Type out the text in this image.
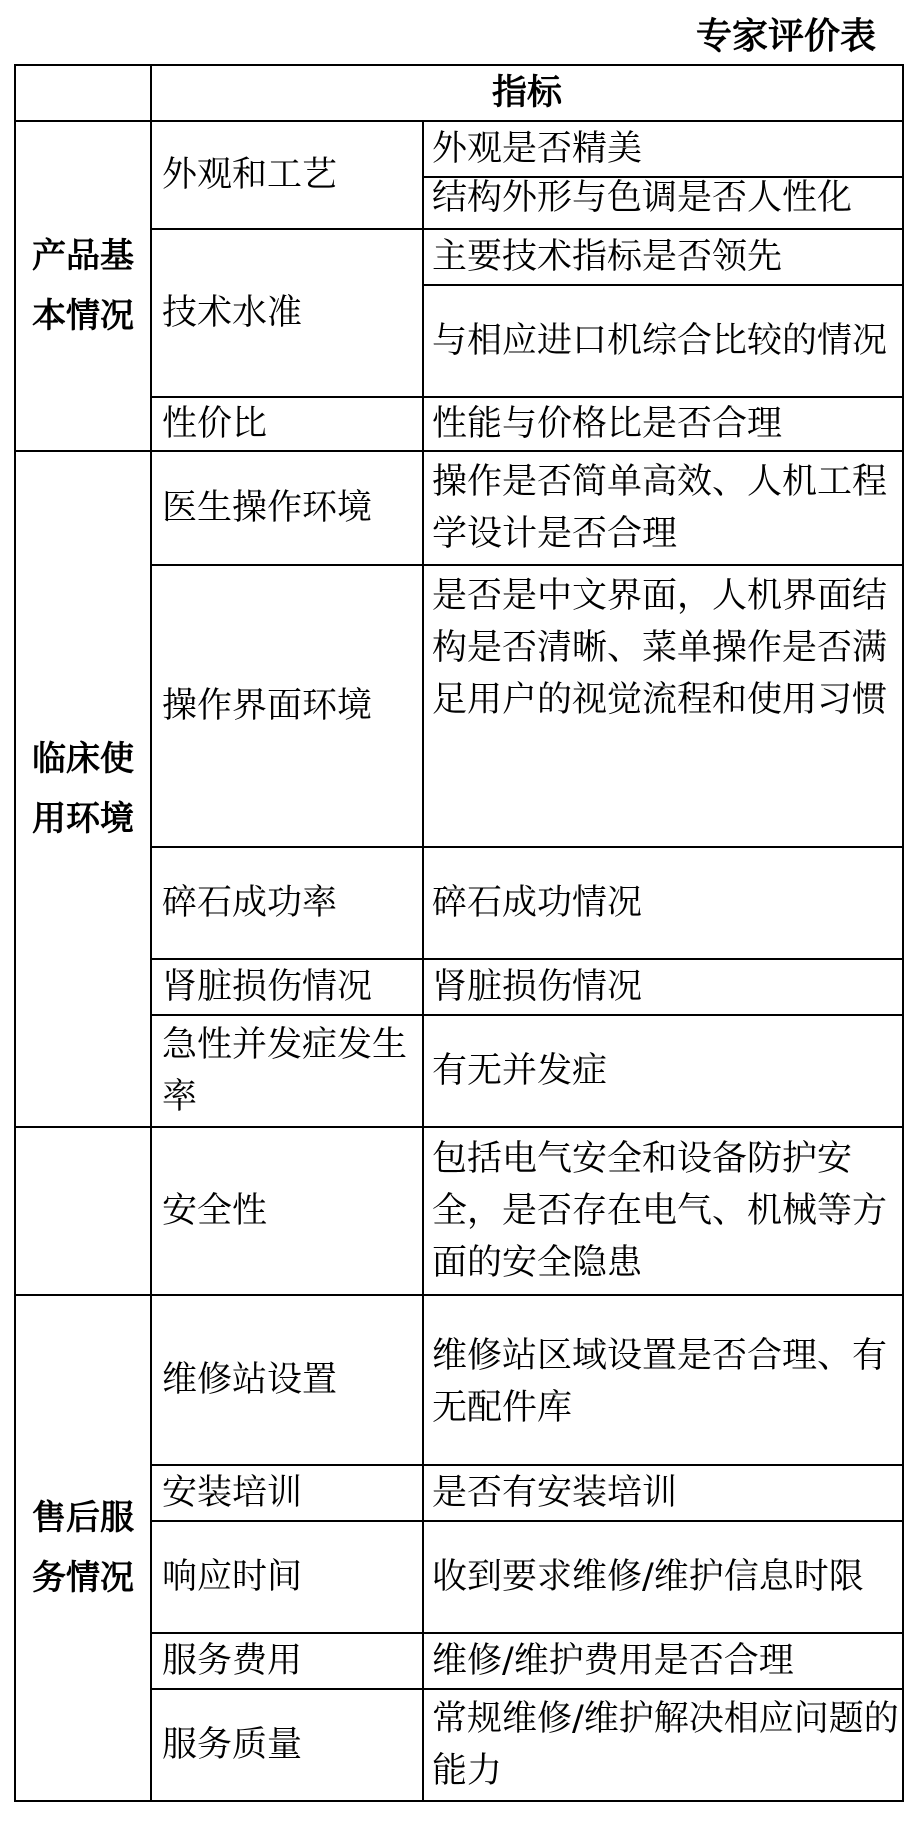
专家评价表
	指标	
产品基本情况	外观和工艺	外观是否精美

		结构外形与色调是否人性化

	技术水准	主要技术指标是否领先
		与相应进口机综合比较的情况
	性价比	性能与价格比是否合理
临床使用环境	医生操作环境	操作是否简单高效、人机工程学设计是否合理
	操作界面环境	是否是中文界面，人机界面结构是否清晰、菜单操作是否满足用户的视觉流程和使用习惯
	碎石成功率	碎石成功情况
	肾脏损伤情况	肾脏损伤情况
	急性并发症发生率	有无并发症
	安全性	包括电气安全和设备防护安全，是否存在电气、机械等方面的安全隐患
售后服务情况	维修站设置	维修站区域设置是否合理、有无配件库
	安装培训	是否有安装培训
	响应时间	收到要求维修/维护信息时限
	服务费用	维修/维护费用是否合理
	服务质量	常规维修/维护解决相应问题的能力
